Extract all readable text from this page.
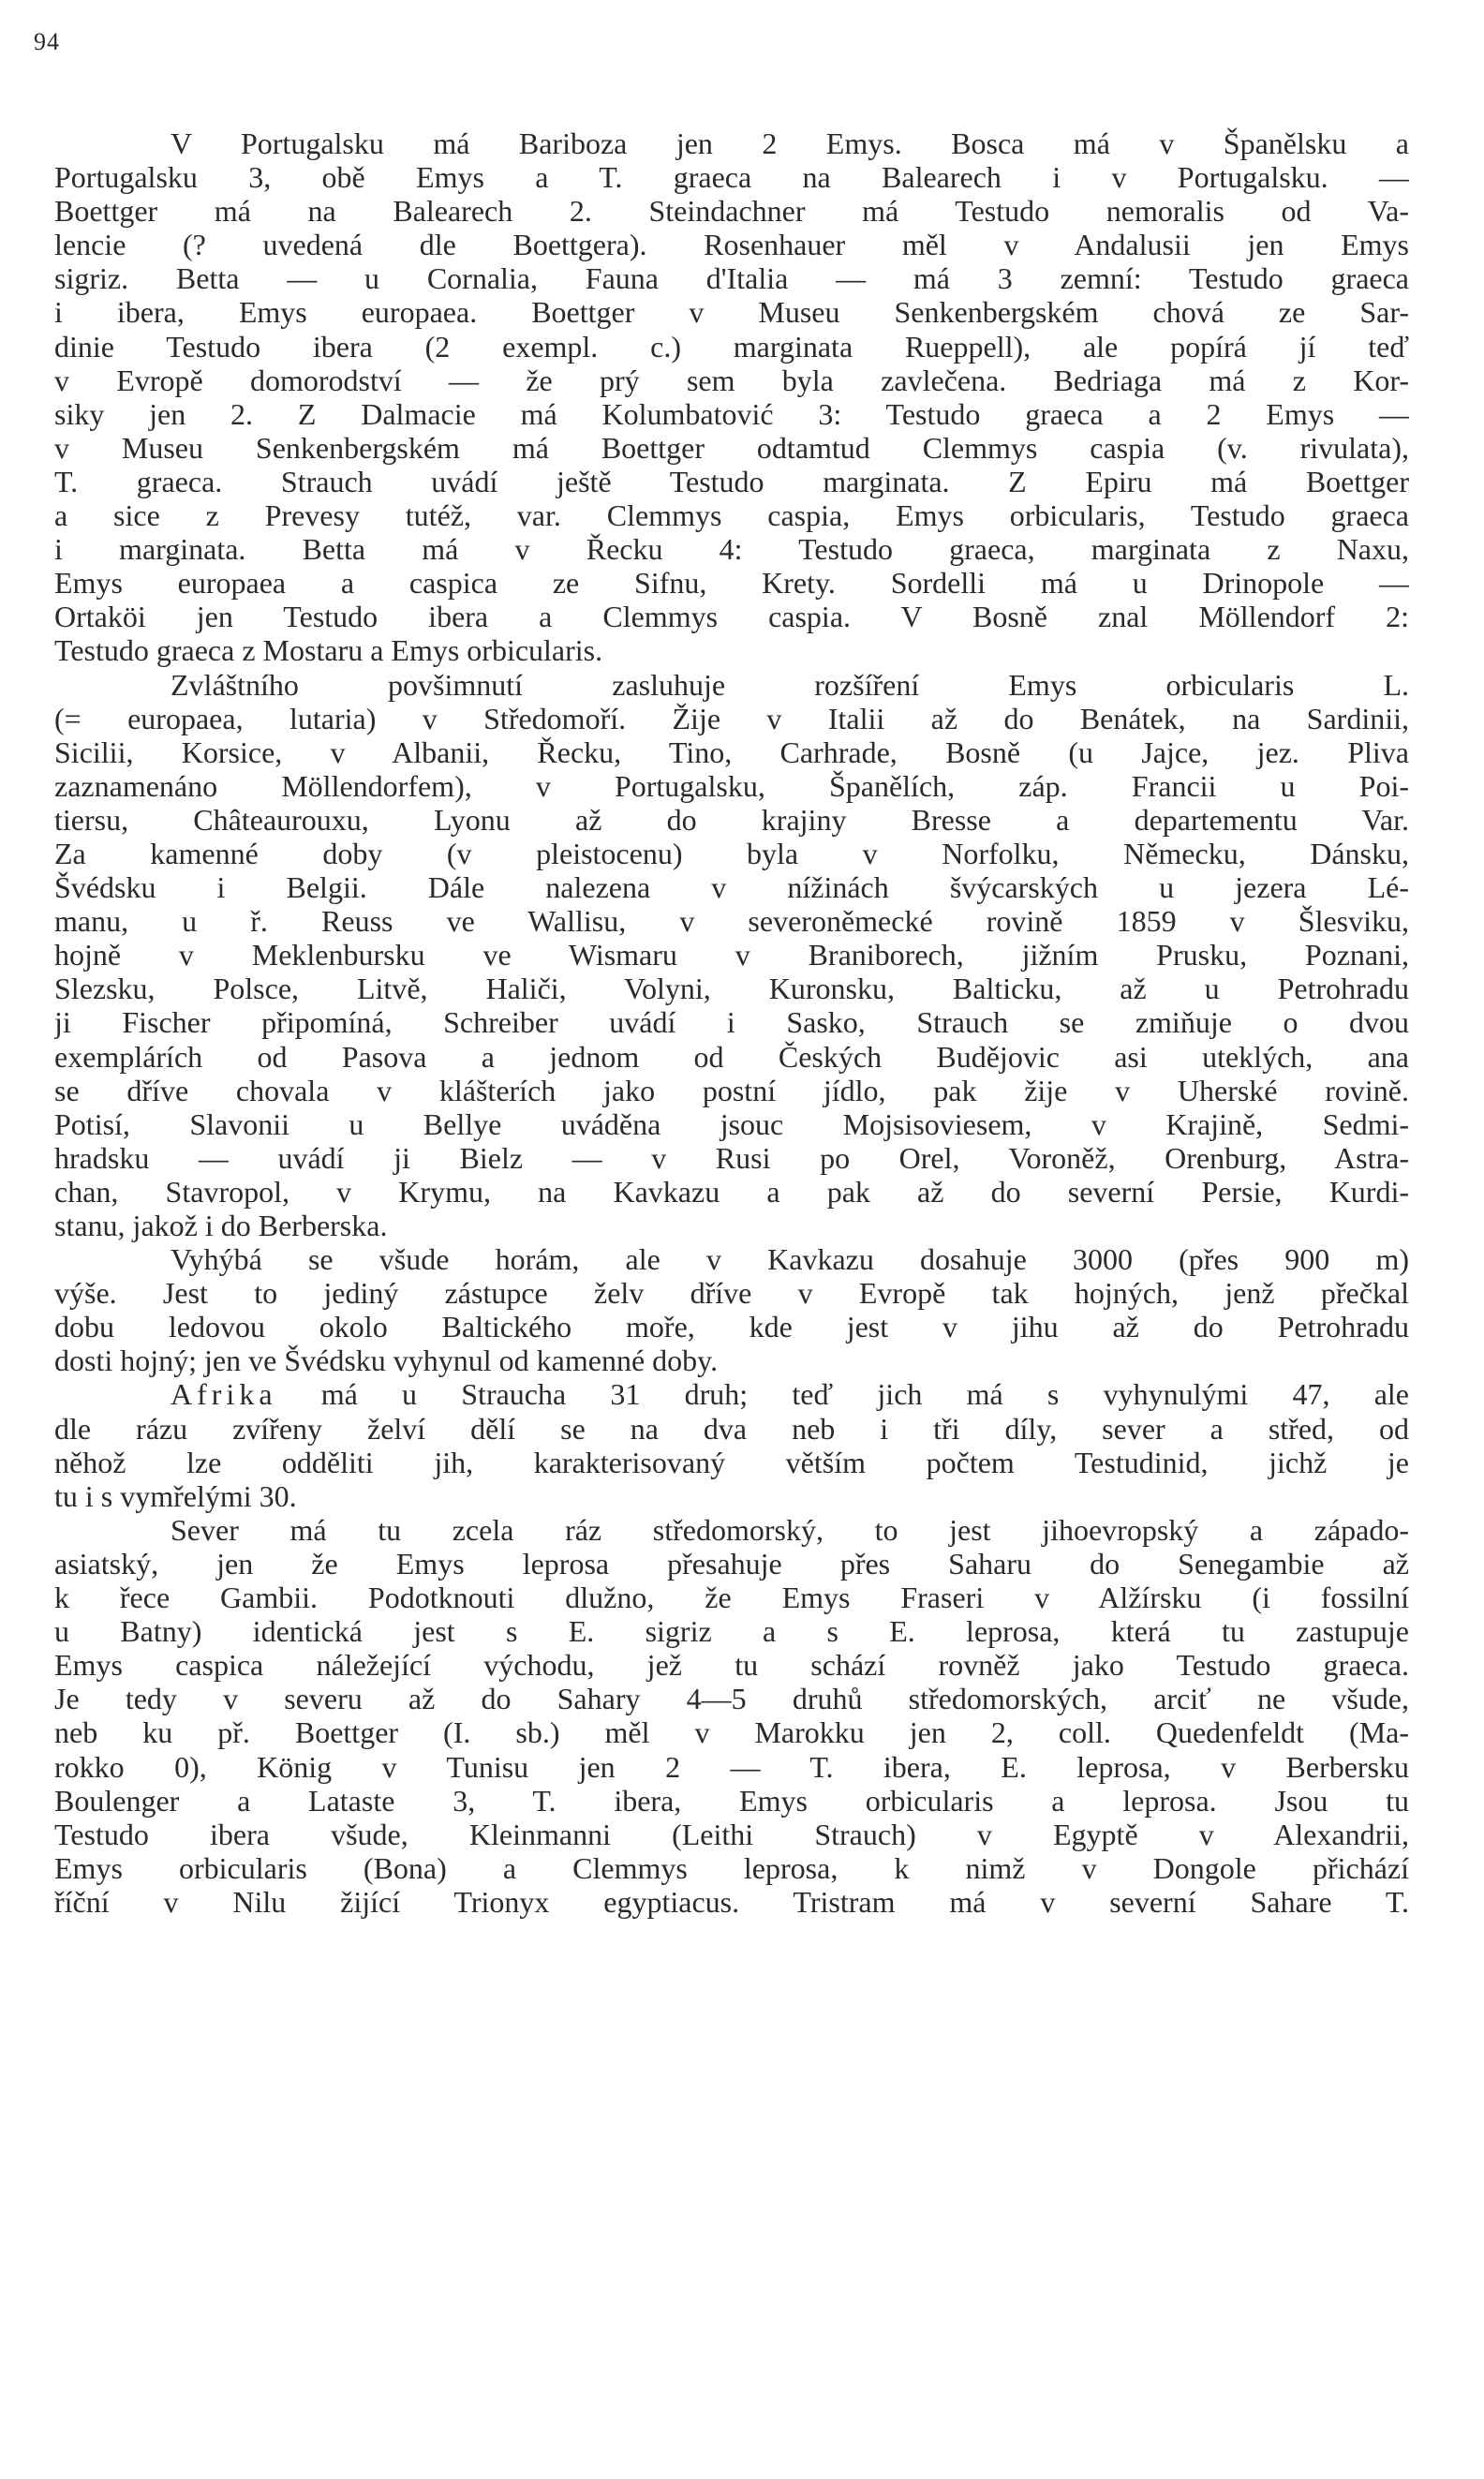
94
V Portugalsku má Bariboza jen 2 Emys. Bosca má v Španělsku a
Portugalsku 3, obě Emys a T. graeca na Balearech i v Portugalsku. —
Boettger má na Balearech 2. Steindachner má Testudo nemoralis od Va-
lencie (? uvedená dle Boettgera). Rosenhauer měl v Andalusii jen Emys
sigriz. Betta — u Cornalia, Fauna d'Italia — má 3 zemní: Testudo graeca
i ibera, Emys europaea. Boettger v Museu Senkenbergském chová ze Sar-
dinie Testudo ibera (2 exempl. c.) marginata Rueppell), ale popírá jí teď
v Evropě domorodství — že prý sem byla zavlečena. Bedriaga má z Kor-
siky jen 2. Z Dalmacie má Kolumbatović 3: Testudo graeca a 2 Emys —
v Museu Senkenbergském má Boettger odtamtud Clemmys caspia (v. rivulata),
T. graeca. Strauch uvádí ještě Testudo marginata. Z Epiru má Boettger
a sice z Prevesy tutéž, var. Clemmys caspia, Emys orbicularis, Testudo graeca
i marginata. Betta má v Řecku 4: Testudo graeca, marginata z Naxu,
Emys europaea a caspica ze Sifnu, Krety. Sordelli má u Drinopole —
Ortaköi jen Testudo ibera a Clemmys caspia. V Bosně znal Möllendorf 2:
Testudo graeca z Mostaru a Emys orbicularis.
Zvláštního povšimnutí zasluhuje rozšíření Emys orbicularis L.
(= europaea, lutaria) v Středomoří. Žije v Italii až do Benátek, na Sardinii,
Sicilii, Korsice, v Albanii, Řecku, Tino, Carhrade, Bosně (u Jajce, jez. Pliva
zaznamenáno Möllendorfem), v Portugalsku, Španělích, záp. Francii u Poi-
tiersu, Châteaurouxu, Lyonu až do krajiny Bresse a departementu Var.
Za kamenné doby (v pleistocenu) byla v Norfolku, Německu, Dánsku,
Švédsku i Belgii. Dále nalezena v nížinách švýcarských u jezera Lé-
manu, u ř. Reuss ve Wallisu, v severoněmecké rovině 1859 v Šlesviku,
hojně v Meklenbursku ve Wismaru v Braniborech, jižním Prusku, Poznani,
Slezsku, Polsce, Litvě, Haliči, Volyni, Kuronsku, Balticku, až u Petrohradu
ji Fischer připomíná, Schreiber uvádí i Sasko, Strauch se zmiňuje o dvou
exemplárích od Pasova a jednom od Českých Budějovic asi uteklých, ana
se dříve chovala v klášterích jako postní jídlo, pak žije v Uherské rovině.
Potisí, Slavonii u Bellye uváděna jsouc Mojsisoviesem, v Krajině, Sedmi-
hradsku — uvádí ji Bielz — v Rusi po Orel, Voroněž, Orenburg, Astra-
chan, Stavropol, v Krymu, na Kavkazu a pak až do severní Persie, Kurdi-
stanu, jakož i do Berberska.
Vyhýbá se všude horám, ale v Kavkazu dosahuje 3000 (přes 900 m)
výše. Jest to jediný zástupce želv dříve v Evropě tak hojných, jenž přečkal
dobu ledovou okolo Baltického moře, kde jest v jihu až do Petrohradu
dosti hojný; jen ve Švédsku vyhynul od kamenné doby.
Afrika má u Straucha 31 druh; teď jich má s vyhynulými 47, ale
dle rázu zvířeny želví dělí se na dva neb i tři díly, sever a střed, od
něhož lze odděliti jih, karakterisovaný větším počtem Testudinid, jichž je
tu i s vymřelými 30.
Sever má tu zcela ráz středomorský, to jest jihoevropský a západo-
asiatský, jen že Emys leprosa přesahuje přes Saharu do Senegambie až
k řece Gambii. Podotknouti dlužno, že Emys Fraseri v Alžírsku (i fossilní
u Batny) identická jest s E. sigriz a s E. leprosa, která tu zastupuje
Emys caspica náležející východu, jež tu schází rovněž jako Testudo graeca.
Je tedy v severu až do Sahary 4—5 druhů středomorských, arciť ne všude,
neb ku př. Boettger (I. sb.) měl v Marokku jen 2, coll. Quedenfeldt (Ma-
rokko 0), König v Tunisu jen 2 — T. ibera, E. leprosa, v Berbersku
Boulenger a Lataste 3, T. ibera, Emys orbicularis a leprosa. Jsou tu
Testudo ibera všude, Kleinmanni (Leithi Strauch) v Egyptě v Alexandrii,
Emys orbicularis (Bona) a Clemmys leprosa, k nimž v Dongole přichází
říční v Nilu žijící Trionyx egyptiacus. Tristram má v severní Sahare T.
